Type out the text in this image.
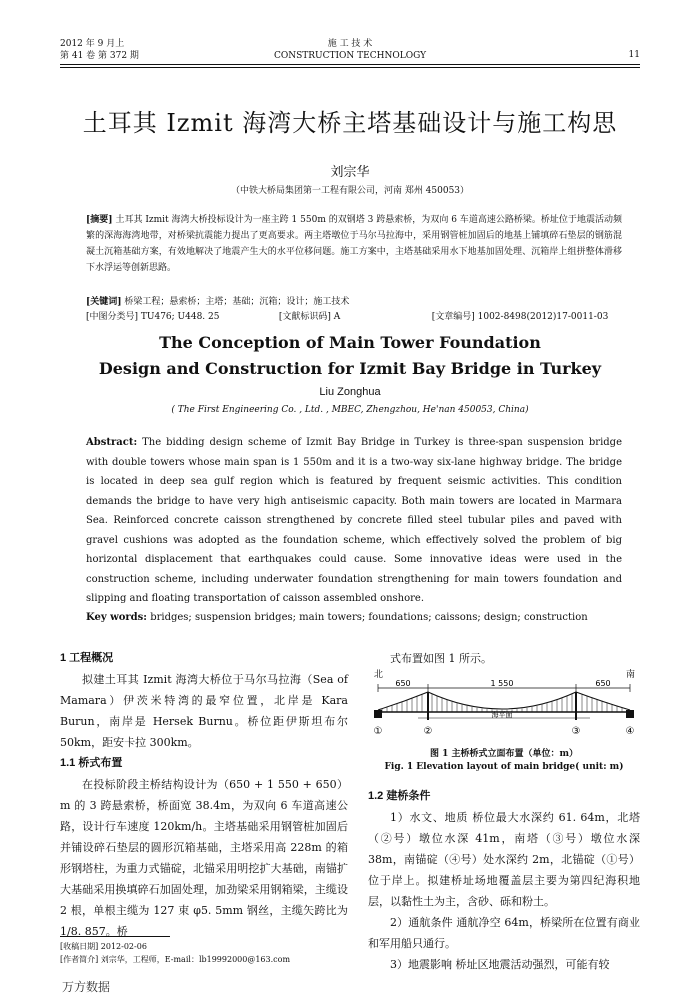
2012 年 9 月上
第 41 卷 第 372 期
施 工 技 术
CONSTRUCTION TECHNOLOGY	11
土耳其 Izmit 海湾大桥主塔基础设计与施工构思
刘宗华
（中铁大桥局集团第一工程有限公司，河南 郑州 450053）
[摘要] 土耳其 Izmit 海湾大桥投标设计为一座主跨 1 550m 的双钢塔 3 跨悬索桥，为双向 6 车道高速公路桥梁。桥址位于地震活动频繁的深海海湾地带，对桥梁抗震能力提出了更高要求。两主塔墩位于马尔马拉海中，采用钢管桩加固后的地基上铺填碎石垫层的钢筋混凝土沉箱基础方案，有效地解决了地震产生大的水平位移问题。施工方案中，主塔基础采用水下地基加固处理、沉箱岸上组拼整体滑移下水浮运等创新思路。
[关键词] 桥梁工程；悬索桥；主塔；基础；沉箱；设计；施工技术
[中图分类号] TU476; U448. 25	[文献标识码] A	[文章编号] 1002-8498(2012)17-0011-03
The Conception of Main Tower Foundation
Design and Construction for Izmit Bay Bridge in Turkey
Liu Zonghua
( The First Engineering Co. , Ltd. , MBEC, Zhengzhou, He'nan 450053, China)
Abstract: The bidding design scheme of Izmit Bay Bridge in Turkey is three-span suspension bridge with double towers whose main span is 1 550m and it is a two-way six-lane highway bridge. The bridge is located in deep sea gulf region which is featured by frequent seismic activities. This condition demands the bridge to have very high antiseismic capacity. Both main towers are located in Marmara Sea. Reinforced concrete caisson strengthened by concrete filled steel tubular piles and paved with gravel cushions was adopted as the foundation scheme, which effectively solved the problem of big horizontal displacement that earthquakes could cause. Some innovative ideas were used in the construction scheme, including underwater foundation strengthening for main towers foundation and slipping and floating transportation of caisson assembled onshore.
Key words: bridges; suspension bridges; main towers; foundations; caissons; design; construction
1 工程概况

拟建土耳其 Izmit 海湾大桥位于马尔马拉海（Sea of Mamara）伊茨米特湾的最窄位置，北岸是 Kara Burun，南岸是 Hersek Burnu。桥位距伊斯坦布尔 50km，距安卡拉 300km。

1.1 桥式布置

在投标阶段主桥结构设计为（650 + 1 550 + 650）m 的 3 跨悬索桥，桥面宽 38.4m，为双向 6 车道高速公路，设计行车速度 120km/h。主塔基础采用钢管桩加固后并铺设碎石垫层的圆形沉箱基础，主塔采用高 228m 的箱形钢塔柱，为重力式锚碇，北锚采用明挖扩大基础，南锚扩大基础采用换填碎石加固处理，加劲梁采用钢箱梁，主缆设 2 根，单根主缆为 127 束 φ5. 5mm 钢丝，主缆矢跨比为1/8. 857。桥

式布置如图 1 所示。

北	南
650	1 550	650
海平面
①	②	③	④
图 1 主桥桥式立面布置（单位：m）
Fig. 1 Elevation layout of main bridge( unit: m)
1.2 建桥条件

1）水文、地质 桥位最大水深约 61. 64m，北塔（②号）墩位水深 41m，南塔（③号）墩位水深 38m，南锚碇（④号）处水深约 2m，北锚碇（①号）位于岸上。拟建桥址场地覆盖层主要为第四纪海积地层，以黏性土为主，含砂、砾和粉土。

2）通航条件 通航净空 64m，桥梁所在位置有商业和军用船只通行。

3）地震影响 桥址区地震活动强烈，可能有较

[收稿日期] 2012-02-06
[作者简介] 刘宗华，工程师，E-mail：lb19992000@163.com
万方数据
